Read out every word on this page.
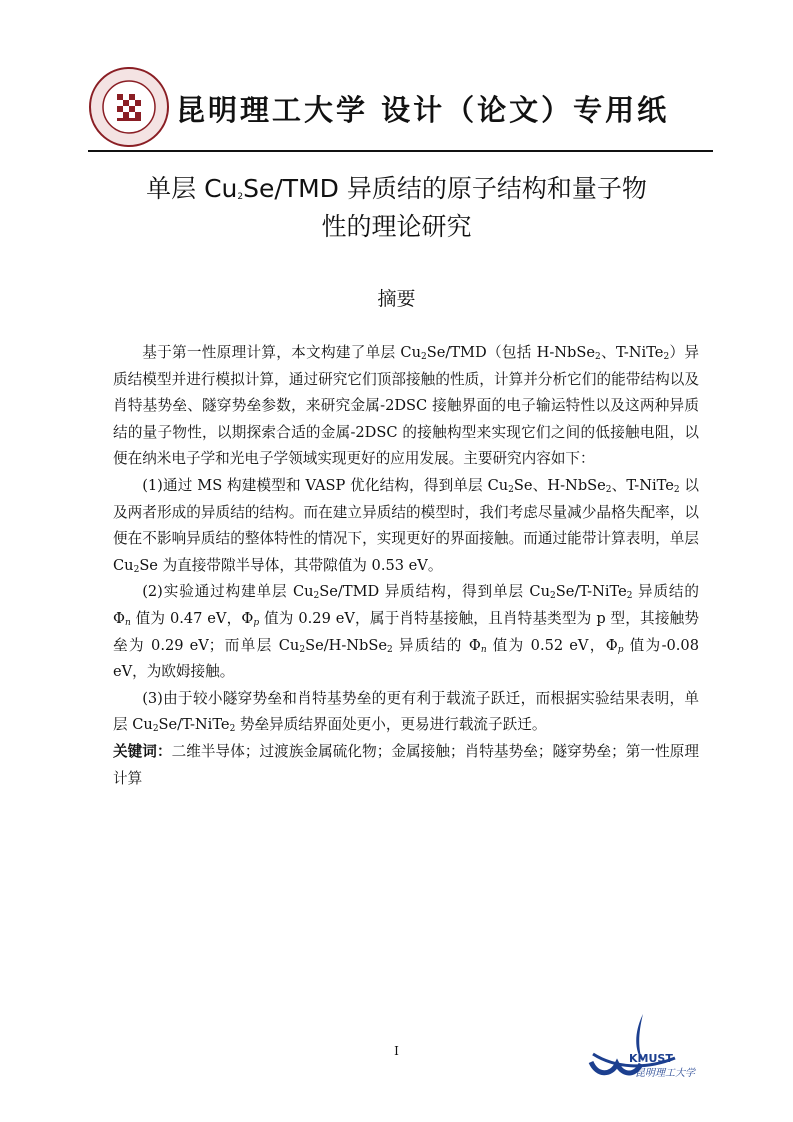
昆明理工大学 设计（论文）专用纸
单层 $Cu_2Se$/TMD 异质结的原子结构和量子物
性的理论研究
摘要

基于第一性原理计算，本文构建了单层 $Cu_2Se/TMD$（包括 H-NbSe$_2$、T-NiTe$_2$）异质结模型并进行模拟计算，通过研究它们顶部接触的性质，计算并分析它们的能带结构以及肖特基势垒、隧穿势垒参数，来研究金属-2DSC 接触界面的电子输运特性以及这两种异质结的量子物性，以期探索合适的金属-2DSC 的接触构型来实现它们之间的低接触电阻，以便在纳米电子学和光电子学领域实现更好的应用发展。主要研究内容如下：

(1)通过 MS 构建模型和 VASP 优化结构，得到单层 $Cu_2Se$、H-NbSe$_2$、T-NiTe$_2$ 以及两者形成的异质结的结构。而在建立异质结的模型时，我们考虑尽量减少晶格失配率，以便在不影响异质结的整体特性的情况下，实现更好的界面接触。而通过能带计算表明，单层 $Cu_2Se$ 为直接带隙半导体，其带隙值为 0.53 eV。

(2)实验通过构建单层 $Cu_2Se$/TMD 异质结构，得到单层 $Cu_2Se/T-NiTe_2$ 异质结的 $\Phi_n$ 值为 0.47 eV，$\Phi_p$ 值为 0.29 eV，属于肖特基接触，且肖特基类型为 p 型，其接触势垒为 0.29 eV；而单层 $Cu_2Se/H-NbSe_2$ 异质结的 $\Phi_n$ 值为 0.52 eV，$\Phi_p$ 值为-0.08 eV，为欧姆接触。

(3)由于较小隧穿势垒和肖特基势垒的更有利于载流子跃迁，而根据实验结果表明，单层 $Cu_2Se/T-NiTe_2$ 势垒异质结界面处更小，更易进行载流子跃迁。

关键词：二维半导体；过渡族金属硫化物；金属接触；肖特基势垒；隧穿势垒；第一性原理计算

I
KMUST
昆明理工大学
